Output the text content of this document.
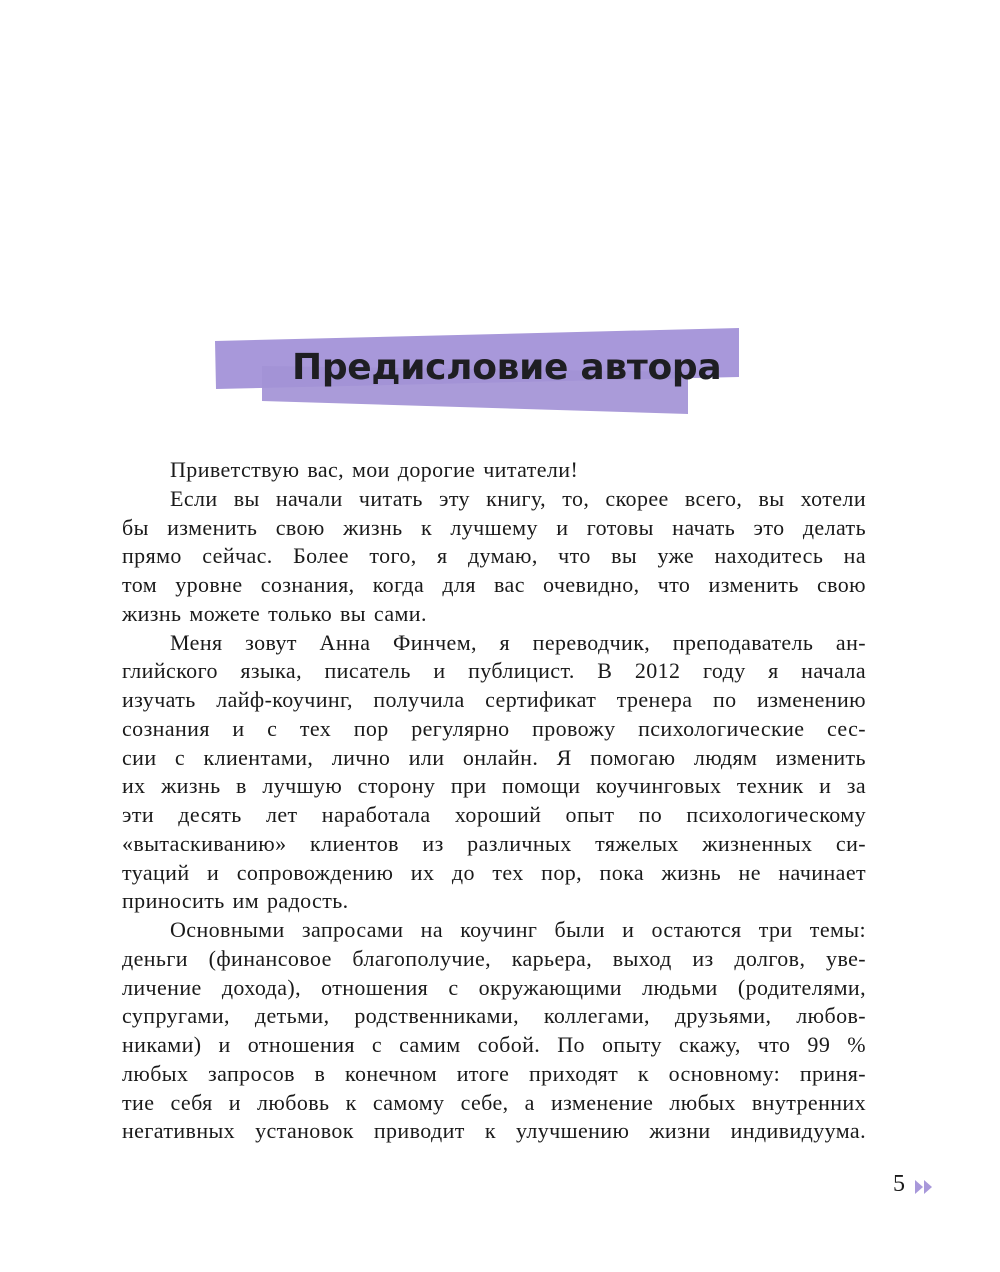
Предисловие автора
Приветствую вас, мои дорогие читатели!
Если вы начали читать эту книгу, то, скорее всего, вы хотели
бы изменить свою жизнь к лучшему и готовы начать это делать
прямо сейчас. Более того, я думаю, что вы уже находитесь на
том уровне сознания, когда для вас очевидно, что изменить свою
жизнь можете только вы сами.
Меня зовут Анна Финчем, я переводчик, преподаватель ан-
глийского языка, писатель и публицист. В 2012 году я начала
изучать лайф-коучинг, получила сертификат тренера по изменению
сознания и с тех пор регулярно провожу психологические сес-
сии с клиентами, лично или онлайн. Я помогаю людям изменить
их жизнь в лучшую сторону при помощи коучинговых техник и за
эти десять лет наработала хороший опыт по психологическому
«вытаскиванию» клиентов из различных тяжелых жизненных си-
туаций и сопровождению их до тех пор, пока жизнь не начинает
приносить им радость.
Основными запросами на коучинг были и остаются три темы:
деньги (финансовое благополучие, карьера, выход из долгов, уве-
личение дохода), отношения с окружающими людьми (родителями,
супругами, детьми, родственниками, коллегами, друзьями, любов-
никами) и отношения с самим собой. По опыту скажу, что 99 %
любых запросов в конечном итоге приходят к основному: приня-
тие себя и любовь к самому себе, а изменение любых внутренних
негативных установок приводит к улучшению жизни индивидуума.
5
